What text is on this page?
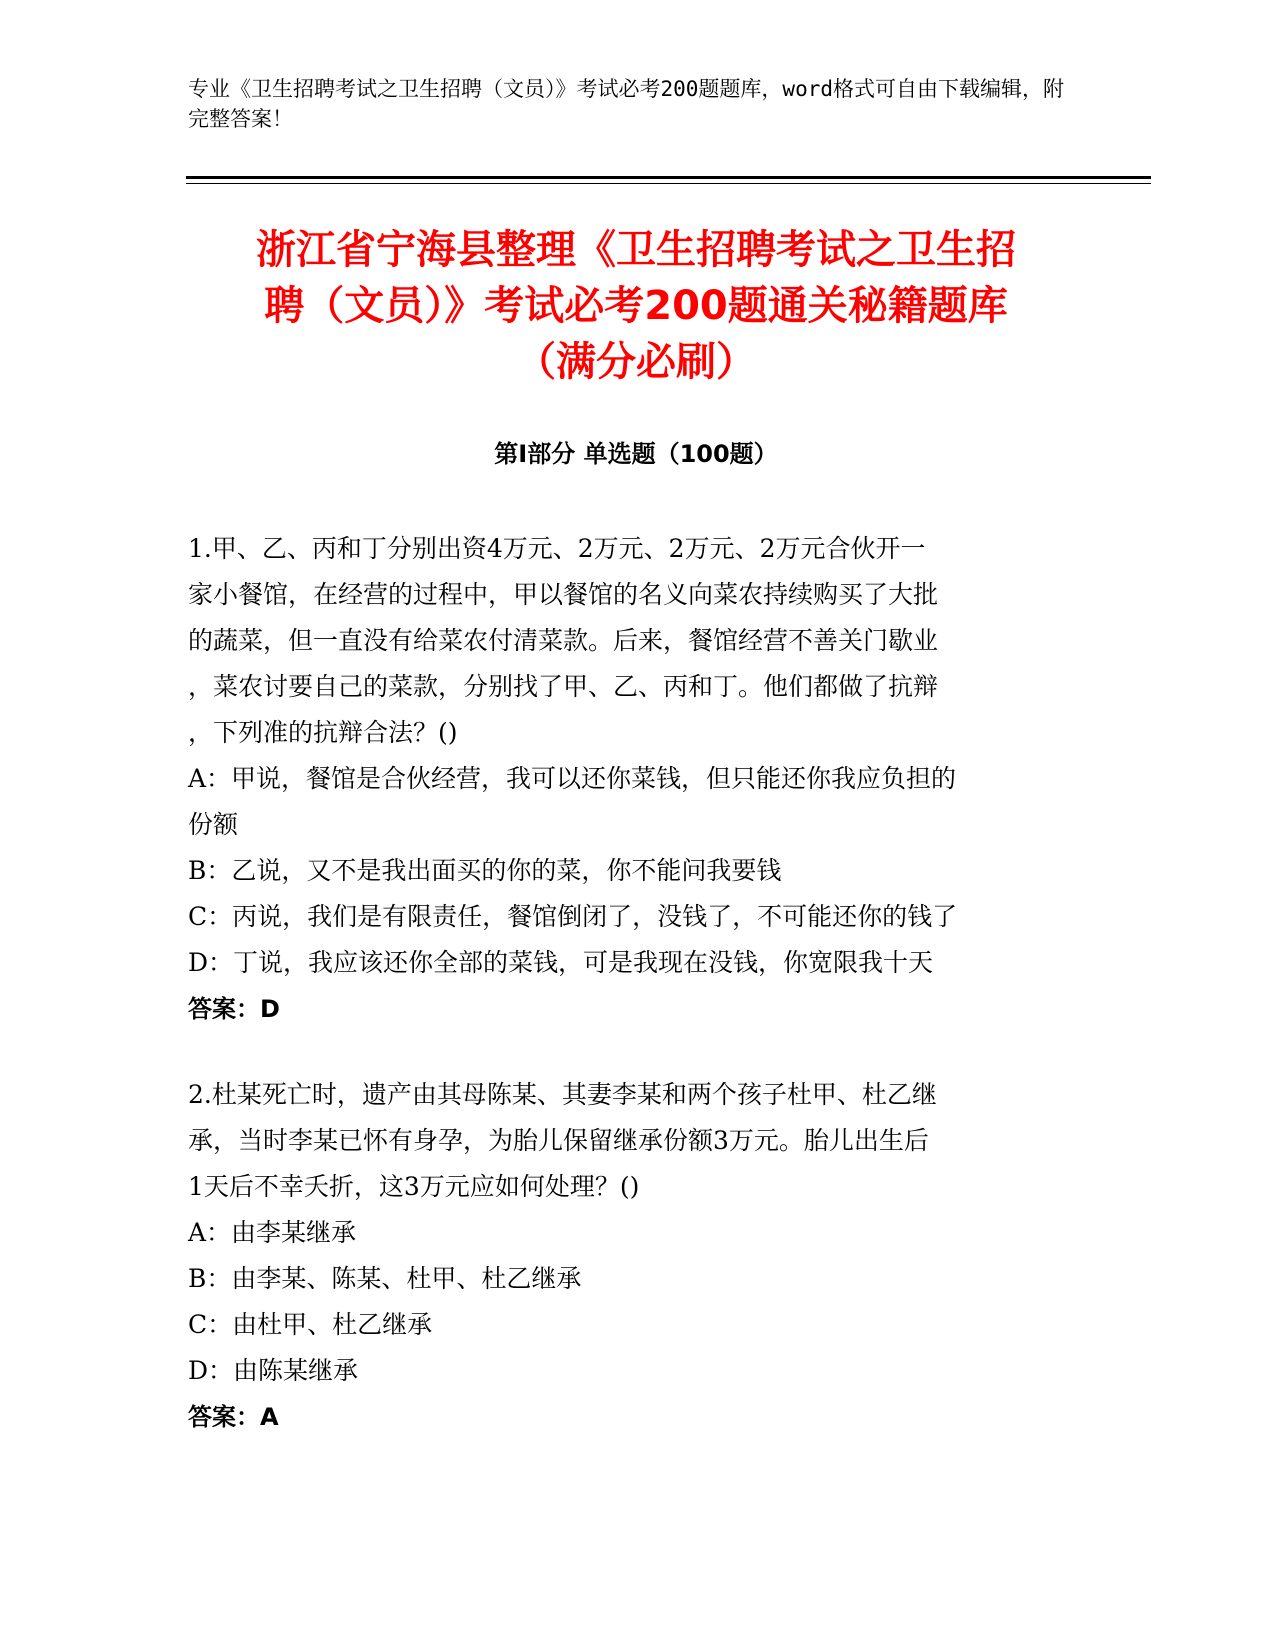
专业《卫生招聘考试之卫生招聘（文员）》考试必考200题题库，word格式可自由下载编辑，附完整答案！
浙江省宁海县整理《卫生招聘考试之卫生招
聘（文员）》考试必考200题通关秘籍题库
（满分必刷）
第Ⅰ部分 单选题（100题）
1.甲、乙、丙和丁分别出资4万元、2万元、2万元、2万元合伙开一
家小餐馆，在经营的过程中，甲以餐馆的名义向菜农持续购买了大批
的蔬菜，但一直没有给菜农付清菜款。后来，餐馆经营不善关门歇业
，菜农讨要自己的菜款，分别找了甲、乙、丙和丁。他们都做了抗辩
，下列准的抗辩合法？()
A：甲说，餐馆是合伙经营，我可以还你菜钱，但只能还你我应负担的
份额
B：乙说，又不是我出面买的你的菜，你不能问我要钱
C：丙说，我们是有限责任，餐馆倒闭了，没钱了，不可能还你的钱了
D：丁说，我应该还你全部的菜钱，可是我现在没钱，你宽限我十天
答案：D
2.杜某死亡时，遗产由其母陈某、其妻李某和两个孩子杜甲、杜乙继
承，当时李某已怀有身孕，为胎儿保留继承份额3万元。胎儿出生后
1天后不幸夭折，这3万元应如何处理？()
A：由李某继承
B：由李某、陈某、杜甲、杜乙继承
C：由杜甲、杜乙继承
D：由陈某继承
答案：A
